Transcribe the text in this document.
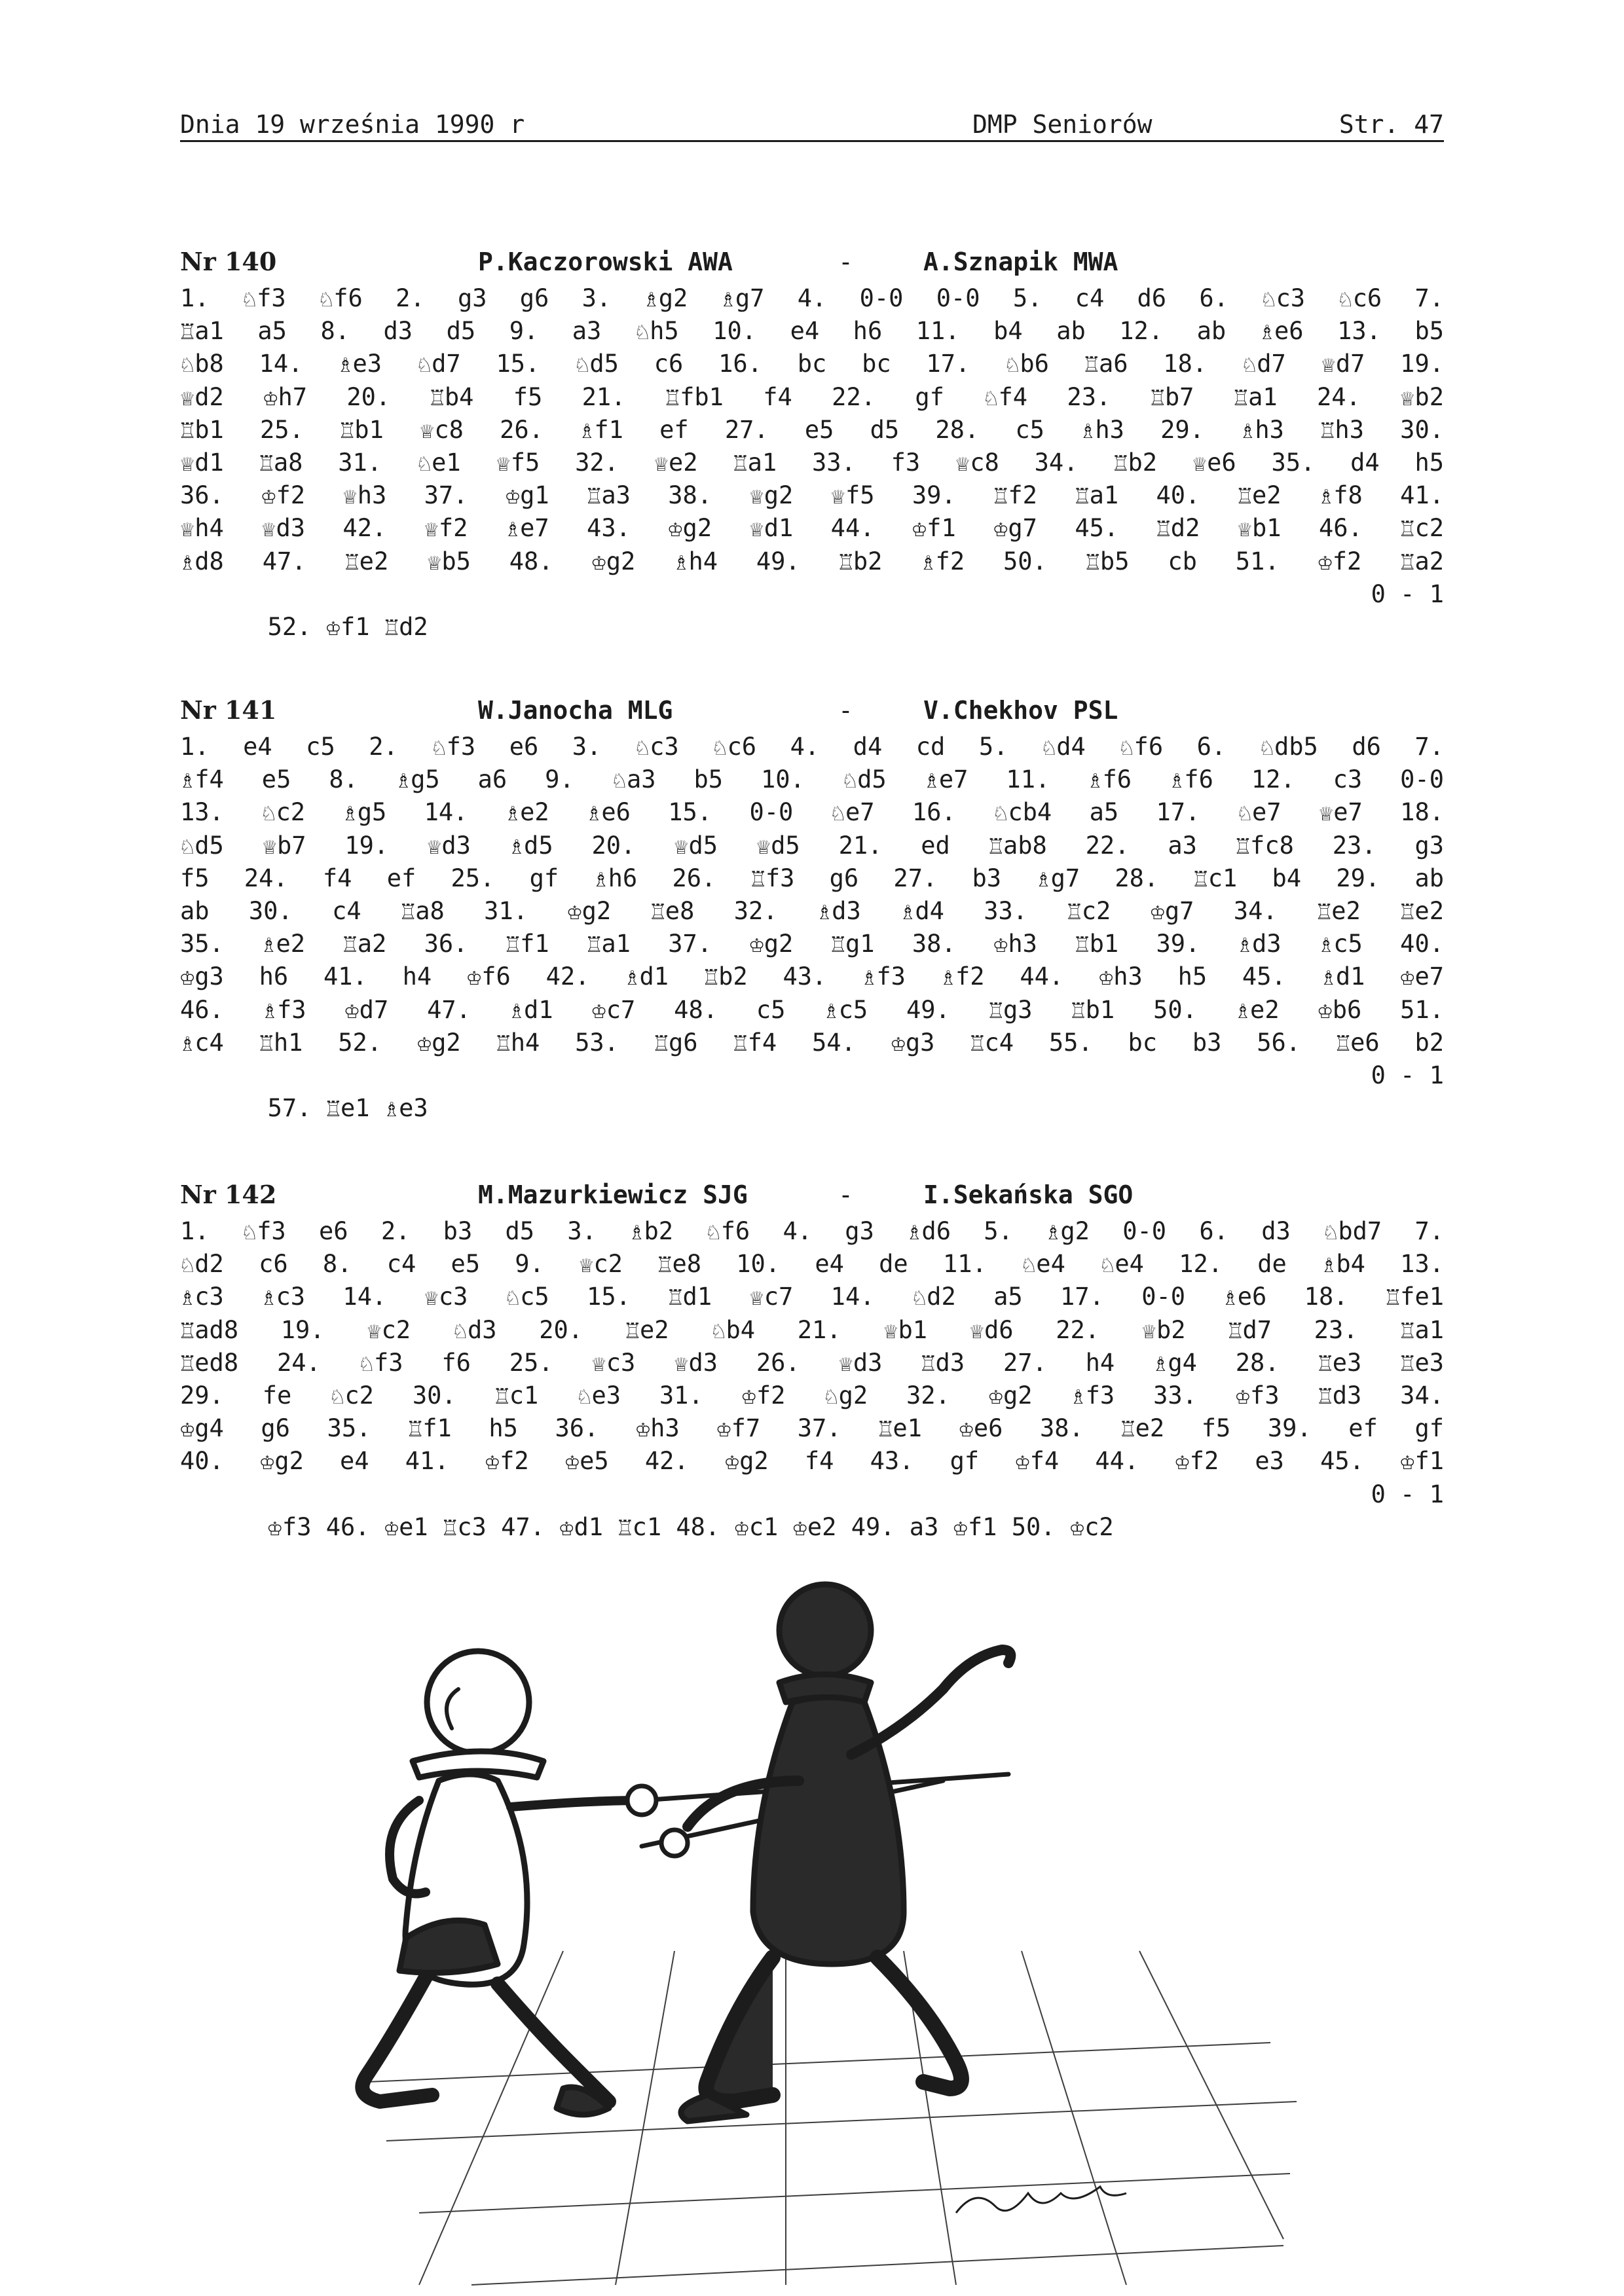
Dnia 19 września 1990 r	DMP Seniorów	Str. 47
Nr 140	P.Kaczorowski AWA	-	A.Sznapik MWA
1. ♘f3 ♘f6 2. g3 g6 3. ♗g2 ♗g7 4. 0-0 0-0 5. c4 d6 6. ♘c3 ♘c6 7.
♖a1 a5 8. d3 d5 9. a3 ♘h5 10. e4 h6 11. b4 ab 12. ab ♗e6 13. b5
♘b8 14. ♗e3 ♘d7 15. ♘d5 c6 16. bc bc 17. ♘b6 ♖a6 18. ♘d7 ♕d7 19.
♕d2 ♔h7 20. ♖b4 f5 21. ♖fb1 f4 22. gf ♘f4 23. ♖b7 ♖a1 24. ♕b2
♖b1 25. ♖b1 ♕c8 26. ♗f1 ef 27. e5 d5 28. c5 ♗h3 29. ♗h3 ♖h3 30.
♕d1 ♖a8 31. ♘e1 ♕f5 32. ♕e2 ♖a1 33. f3 ♕c8 34. ♖b2 ♕e6 35. d4 h5
36. ♔f2 ♕h3 37. ♔g1 ♖a3 38. ♕g2 ♕f5 39. ♖f2 ♖a1 40. ♖e2 ♗f8 41.
♕h4 ♕d3 42. ♕f2 ♗e7 43. ♔g2 ♕d1 44. ♔f1 ♔g7 45. ♖d2 ♕b1 46. ♖c2
♗d8 47. ♖e2 ♕b5 48. ♔g2 ♗h4 49. ♖b2 ♗f2 50. ♖b5 cb 51. ♔f2 ♖a2

52. ♔f1 ♖d2

0 - 1

Nr 141	W.Janocha MLG	-	V.Chekhov PSL
1. e4 c5 2. ♘f3 e6 3. ♘c3 ♘c6 4. d4 cd 5. ♘d4 ♘f6 6. ♘db5 d6 7.
♗f4 e5 8. ♗g5 a6 9. ♘a3 b5 10. ♘d5 ♗e7 11. ♗f6 ♗f6 12. c3 0-0
13. ♘c2 ♗g5 14. ♗e2 ♗e6 15. 0-0 ♘e7 16. ♘cb4 a5 17. ♘e7 ♕e7 18.
♘d5 ♕b7 19. ♕d3 ♗d5 20. ♕d5 ♕d5 21. ed ♖ab8 22. a3 ♖fc8 23. g3
f5 24. f4 ef 25. gf ♗h6 26. ♖f3 g6 27. b3 ♗g7 28. ♖c1 b4 29. ab
ab 30. c4 ♖a8 31. ♔g2 ♖e8 32. ♗d3 ♗d4 33. ♖c2 ♔g7 34. ♖e2 ♖e2
35. ♗e2 ♖a2 36. ♖f1 ♖a1 37. ♔g2 ♖g1 38. ♔h3 ♖b1 39. ♗d3 ♗c5 40.
♔g3 h6 41. h4 ♔f6 42. ♗d1 ♖b2 43. ♗f3 ♗f2 44. ♔h3 h5 45. ♗d1 ♔e7
46. ♗f3 ♔d7 47. ♗d1 ♔c7 48. c5 ♗c5 49. ♖g3 ♖b1 50. ♗e2 ♔b6 51.
♗c4 ♖h1 52. ♔g2 ♖h4 53. ♖g6 ♖f4 54. ♔g3 ♖c4 55. bc b3 56. ♖e6 b2

57. ♖e1 ♗e3

0 - 1

Nr 142	M.Mazurkiewicz SJG	-	I.Sekańska SGO
1. ♘f3 e6 2. b3 d5 3. ♗b2 ♘f6 4. g3 ♗d6 5. ♗g2 0-0 6. d3 ♘bd7 7.
♘d2 c6 8. c4 e5 9. ♕c2 ♖e8 10. e4 de 11. ♘e4 ♘e4 12. de ♗b4 13.
♗c3 ♗c3 14. ♕c3 ♘c5 15. ♖d1 ♕c7 14. ♘d2 a5 17. 0-0 ♗e6 18. ♖fe1
♖ad8 19. ♕c2 ♘d3 20. ♖e2 ♘b4 21. ♕b1 ♕d6 22. ♕b2 ♖d7 23. ♖a1
♖ed8 24. ♘f3 f6 25. ♕c3 ♕d3 26. ♕d3 ♖d3 27. h4 ♗g4 28. ♖e3 ♖e3
29. fe ♘c2 30. ♖c1 ♘e3 31. ♔f2 ♘g2 32. ♔g2 ♗f3 33. ♔f3 ♖d3 34.
♔g4 g6 35. ♖f1 h5 36. ♔h3 ♔f7 37. ♖e1 ♔e6 38. ♖e2 f5 39. ef gf
40. ♔g2 e4 41. ♔f2 ♔e5 42. ♔g2 f4 43. gf ♔f4 44. ♔f2 e3 45. ♔f1

♔f3 46. ♔e1 ♖c3 47. ♔d1 ♖c1 48. ♔c1 ♔e2 49. a3 ♔f1 50. ♔c2

0 - 1
